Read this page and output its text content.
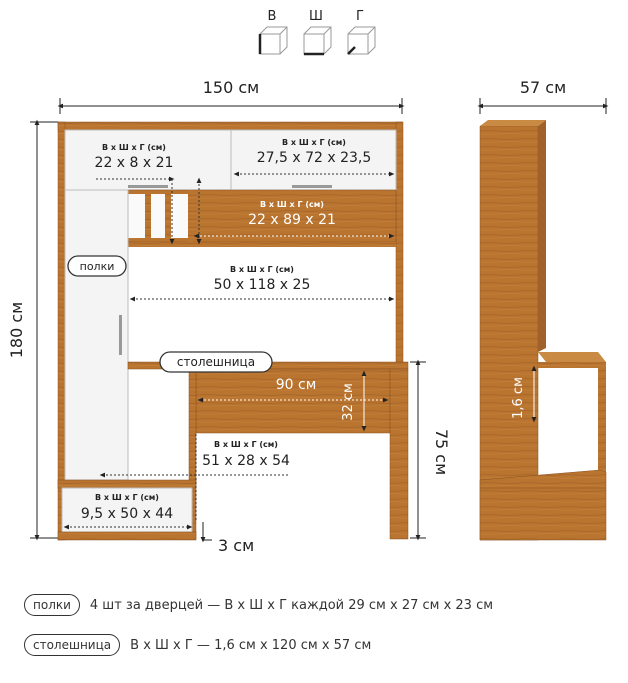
В	Ш	Г
150 см
180 см
В х Ш х Г (см)
22 х 8 х 21
В х Ш х Г (см)
27,5 х 72 х 23,5
В х Ш х Г (см)
22 х 89 х 21
полки	В х Ш х Г (см)
50 х 118 х 25
столешница
90 см 32 см
75 см
В х Ш х Г (см)
51 х 28 х 54
В х Ш х Г (см)
9,5 х 50 х 44
3 см
57 см
1,6 см
полки	4 шт за дверцей — В х Ш х Г каждой 29 см х 27 см х 23 см
столешница	В х Ш х Г — 1,6 см х 120 см х 57 см
